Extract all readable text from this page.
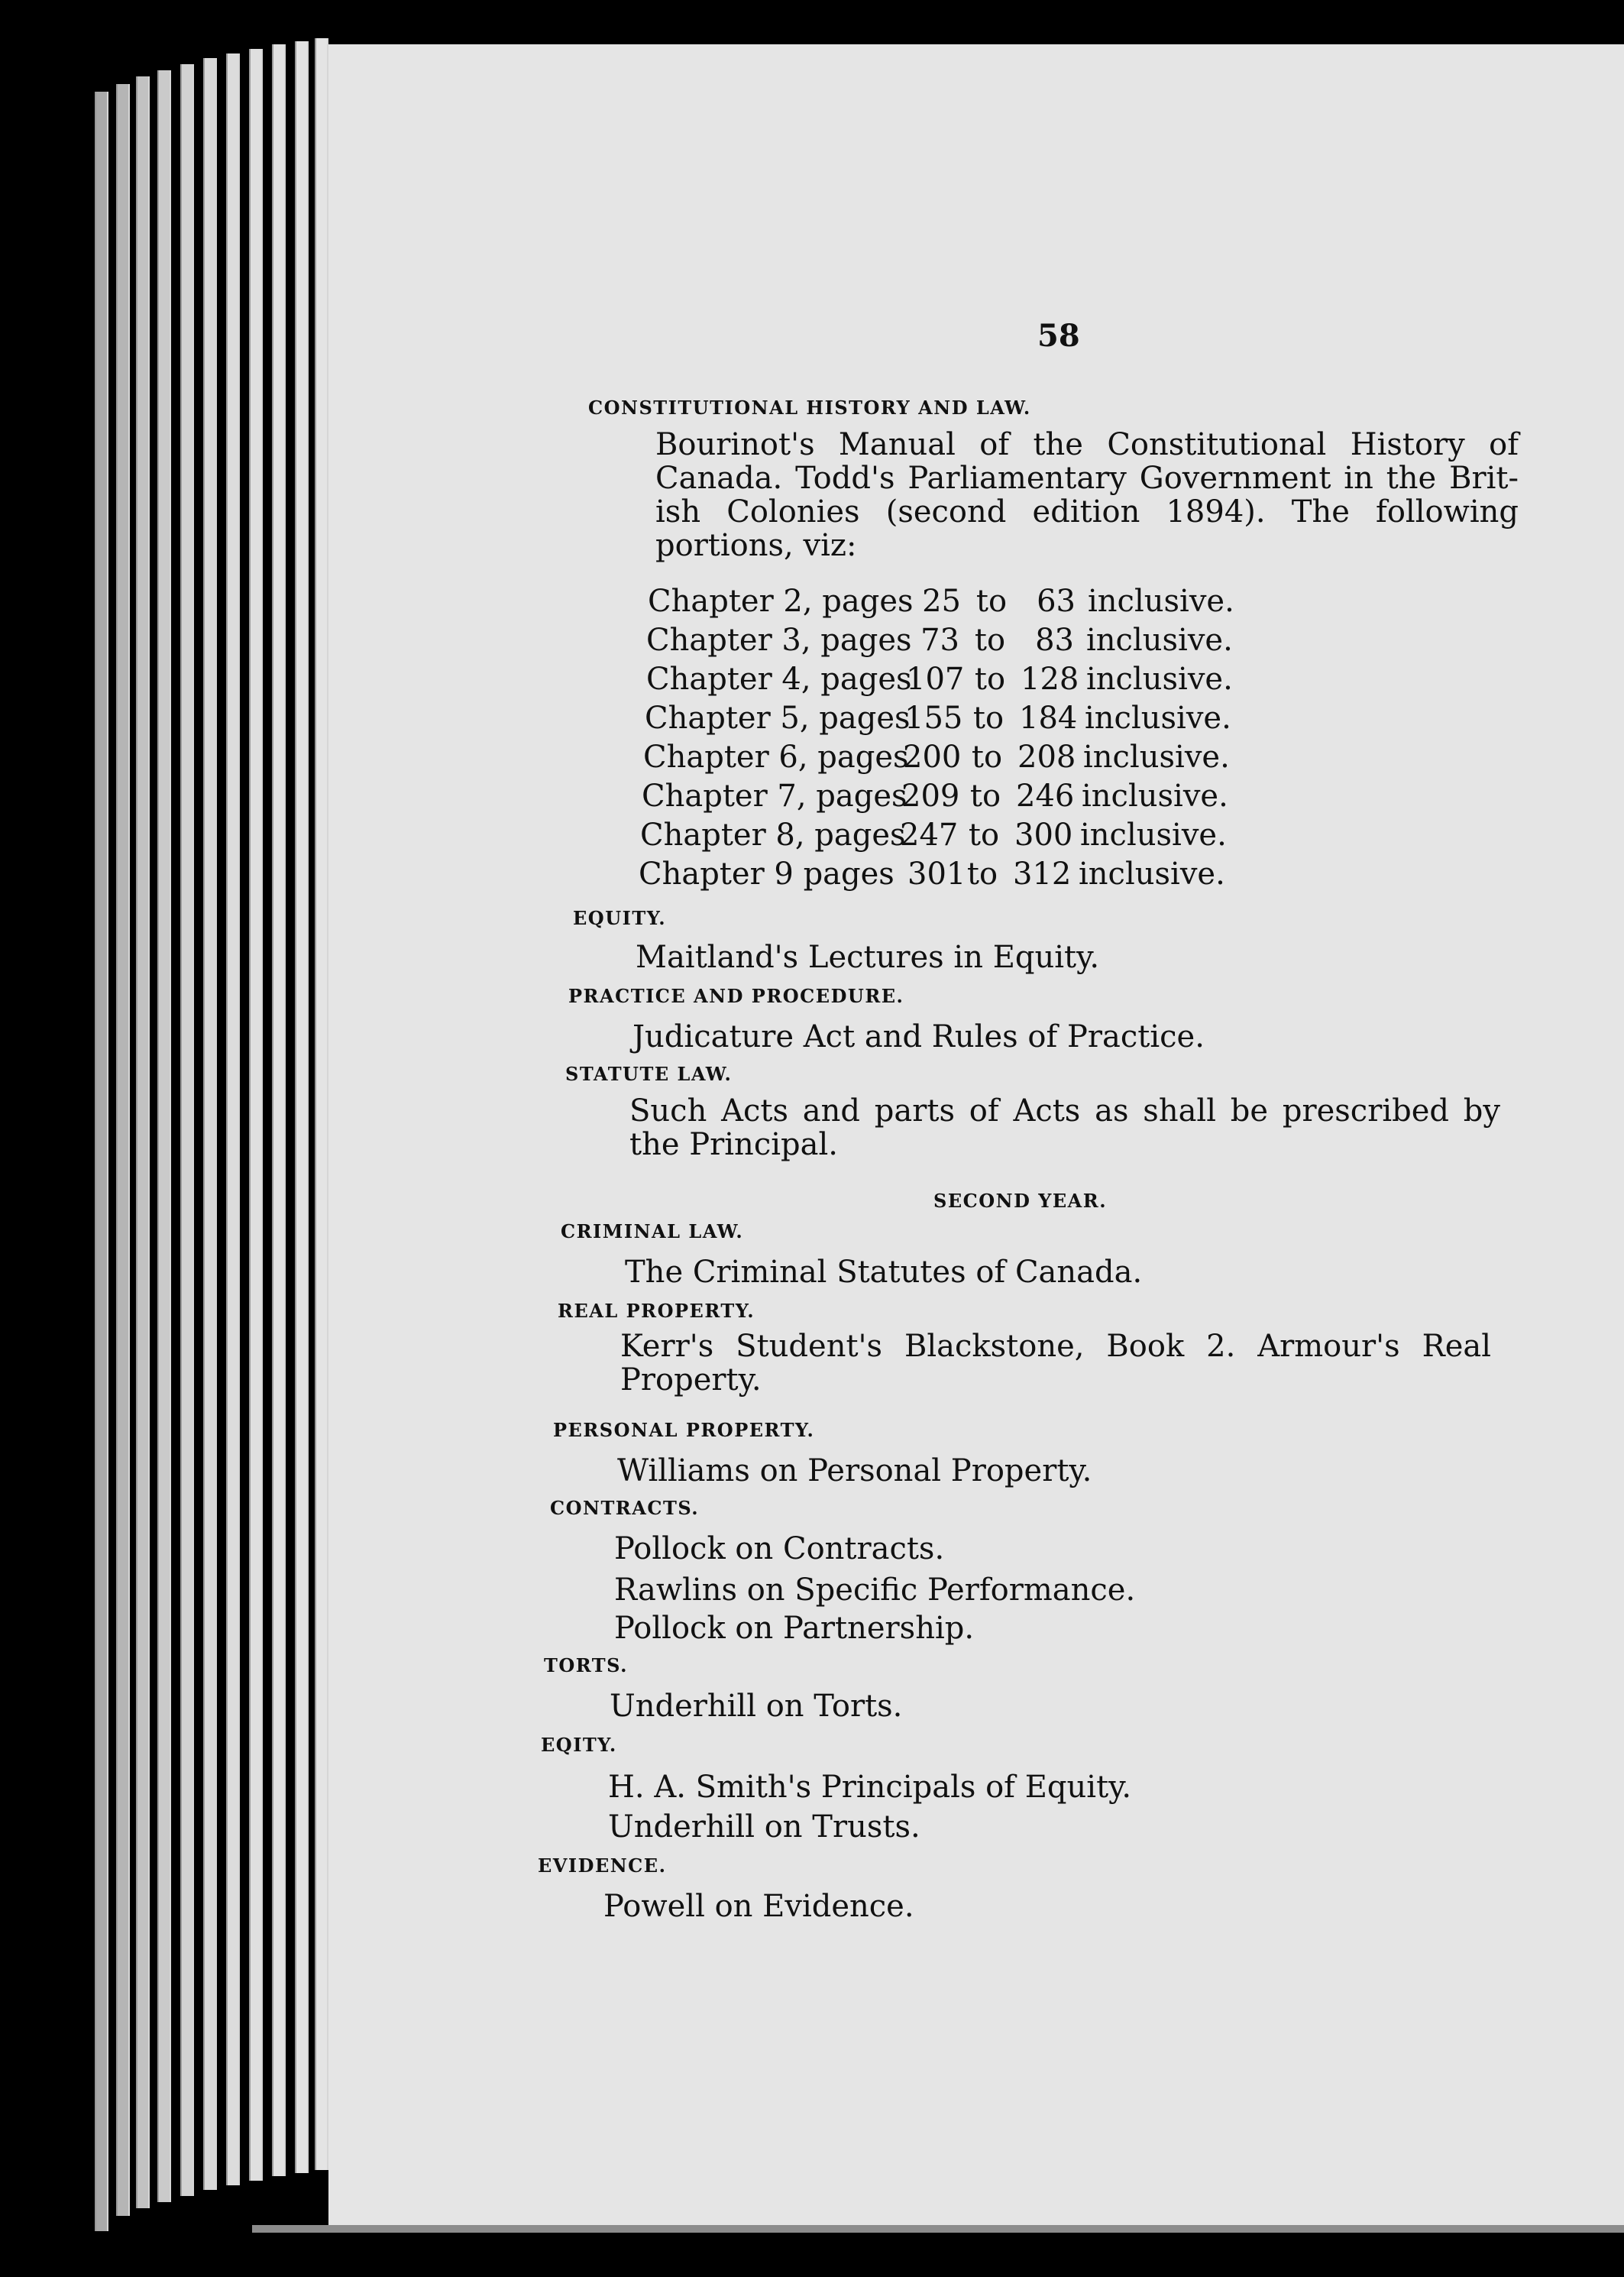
58
CONSTITUTIONAL HISTORY AND LAW.
Bourinot's Manual of the Constitutional History of
Canada. Todd's Parliamentary Government in the Brit-
ish Colonies (second edition 1894). The following
portions, viz:
Chapter 2, pages 25 to 63 inclusive.
Chapter 3, pages 73 to 83 inclusive.
Chapter 4, pages107 to 128 inclusive.
Chapter 5, pages155 to 184 inclusive.
Chapter 6, pages200 to 208 inclusive.
Chapter 7, pages209 to 246 inclusive.
Chapter 8, pages247 to 300 inclusive.
Chapter 9 pages 301to 312 inclusive.
EQUITY.
Maitland's Lectures in Equity.
PRACTICE AND PROCEDURE.
Judicature Act and Rules of Practice.
STATUTE LAW.
Such Acts and parts of Acts as shall be prescribed by
the Principal.
SECOND YEAR.
CRIMINAL LAW.
The Criminal Statutes of Canada.
REAL PROPERTY.
Kerr's Student's Blackstone, Book 2. Armour's Real
Property.
PERSONAL PROPERTY.
Williams on Personal Property.
CONTRACTS.
Pollock on Contracts.
Rawlins on Specific Performance.
Pollock on Partnership.
TORTS.
Underhill on Torts.
EQITY.
H. A. Smith's Principals of Equity.
Underhill on Trusts.
EVIDENCE.
Powell on Evidence.
